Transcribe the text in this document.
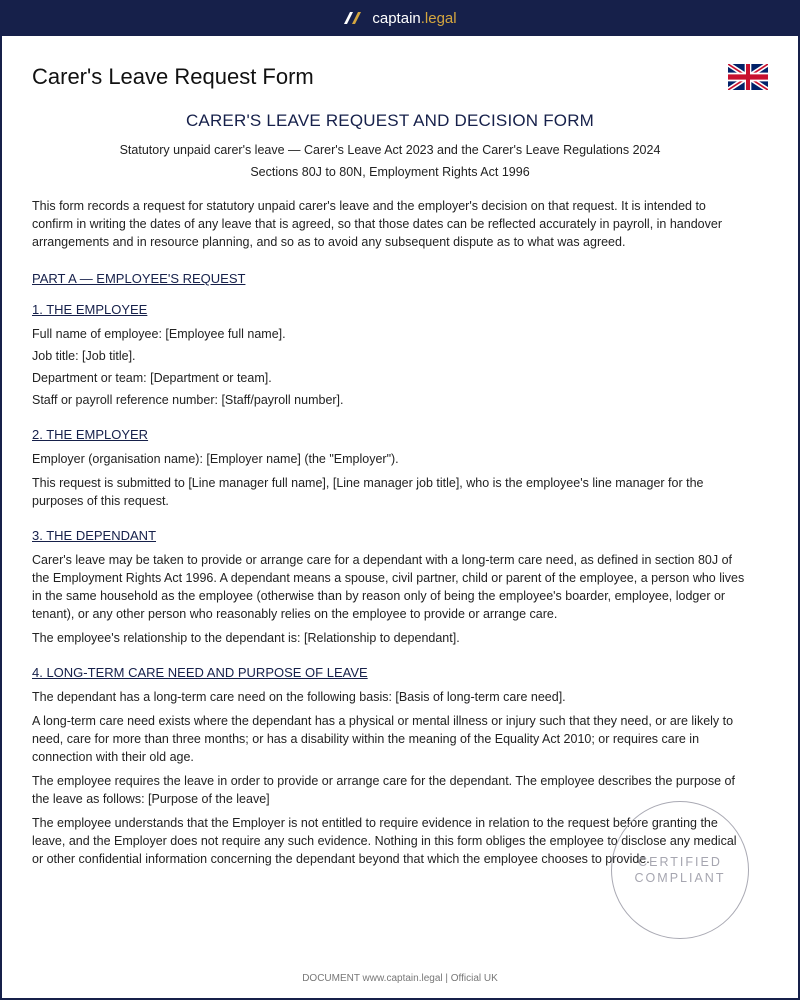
captain .legal
Carer's Leave Request Form
CARER'S LEAVE REQUEST AND DECISION FORM
Statutory unpaid carer's leave — Carer's Leave Act 2023 and the Carer's Leave Regulations 2024
Sections 80J to 80N, Employment Rights Act 1996

This form records a request for statutory unpaid carer's leave and the employer's decision on that request. It is intended to confirm in writing the dates of any leave that is agreed, so that those dates can be reflected accurately in payroll, in handover arrangements and in resource planning, and so as to avoid any subsequent dispute as to what was agreed.

PART A — EMPLOYEE'S REQUEST
1. THE EMPLOYEE
Full name of employee: [Employee full name].
Job title: [Job title].
Department or team: [Department or team].
Staff or payroll reference number: [Staff/payroll number].
2. THE EMPLOYER

Employer (organisation name): [Employer name] (the "Employer").

This request is submitted to [Line manager full name], [Line manager job title], who is the employee's line manager for the purposes of this request.

3. THE DEPENDANT

Carer's leave may be taken to provide or arrange care for a dependant with a long-term care need, as defined in section 80J of the Employment Rights Act 1996. A dependant means a spouse, civil partner, child or parent of the employee, a person who lives in the same household as the employee (otherwise than by reason only of being the employee's boarder, employee, lodger or tenant), or any other person who reasonably relies on the employee to provide or arrange care.

The employee's relationship to the dependant is: [Relationship to dependant].

4. LONG-TERM CARE NEED AND PURPOSE OF LEAVE

The dependant has a long-term care need on the following basis: [Basis of long-term care need].

A long-term care need exists where the dependant has a physical or mental illness or injury such that they need, or are likely to need, care for more than three months; or has a disability within the meaning of the Equality Act 2010; or requires care in connection with their old age.

The employee requires the leave in order to provide or arrange care for the dependant. The employee describes the purpose of the leave as follows: [Purpose of the leave]

The employee understands that the Employer is not entitled to require evidence in relation to the request before granting the leave, and the Employer does not require any such evidence. Nothing in this form obliges the employee to disclose any medical or other confidential information concerning the dependant beyond that which the employee chooses to provide.

CERTIFIED
COMPLIANT
DOCUMENT www.captain.legal | Official UK
